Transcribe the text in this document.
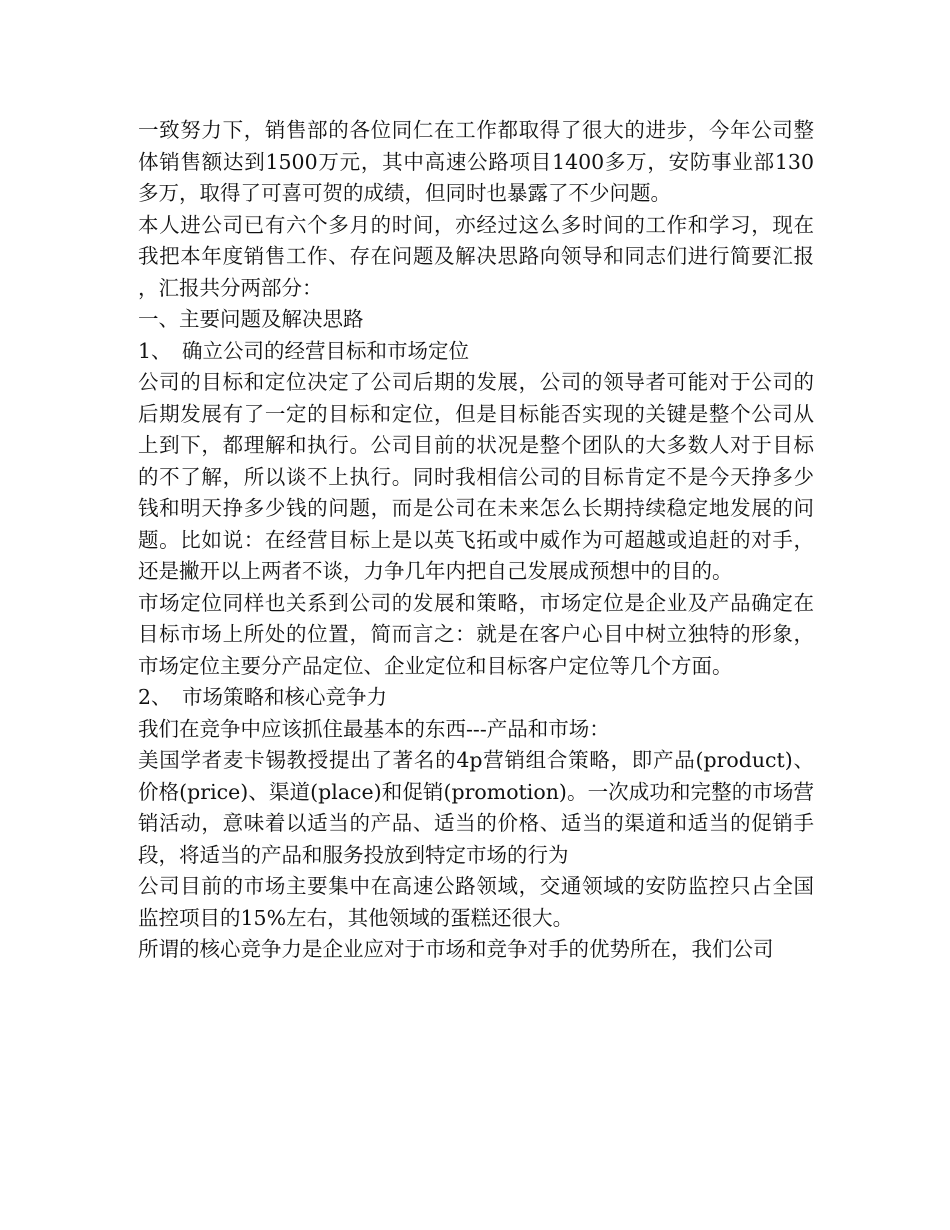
一致努力下，销售部的各位同仁在工作都取得了很大的进步，今年公司整体销售额达到1500万元，其中高速公路项目1400多万，安防事业部130多万，取得了可喜可贺的成绩，但同时也暴露了不少问题。

本人进公司已有六个多月的时间，亦经过这么多时间的工作和学习，现在我把本年度销售工作、存在问题及解决思路向领导和同志们进行简要汇报，汇报共分两部分：

一、主要问题及解决思路

1、 确立公司的经营目标和市场定位

公司的目标和定位决定了公司后期的发展，公司的领导者可能对于公司的后期发展有了一定的目标和定位，但是目标能否实现的关键是整个公司从上到下，都理解和执行。公司目前的状况是整个团队的大多数人对于目标的不了解，所以谈不上执行。同时我相信公司的目标肯定不是今天挣多少钱和明天挣多少钱的问题，而是公司在未来怎么长期持续稳定地发展的问题。比如说：在经营目标上是以英飞拓或中威作为可超越或追赶的对手，还是撇开以上两者不谈，力争几年内把自己发展成预想中的目的。

市场定位同样也关系到公司的发展和策略，市场定位是企业及产品确定在目标市场上所处的位置，简而言之：就是在客户心目中树立独特的形象，市场定位主要分产品定位、企业定位和目标客户定位等几个方面。

2、 市场策略和核心竞争力

我们在竞争中应该抓住最基本的东西---产品和市场：

美国学者麦卡锡教授提出了著名的4p营销组合策略，即产品(product)、价格(price)、渠道(place)和促销(promotion)。一次成功和完整的市场营销活动，意味着以适当的产品、适当的价格、适当的渠道和适当的促销手段，将适当的产品和服务投放到特定市场的行为

公司目前的市场主要集中在高速公路领域，交通领域的安防监控只占全国监控项目的15%左右，其他领域的蛋糕还很大。

所谓的核心竞争力是企业应对于市场和竞争对手的优势所在，我们公司
